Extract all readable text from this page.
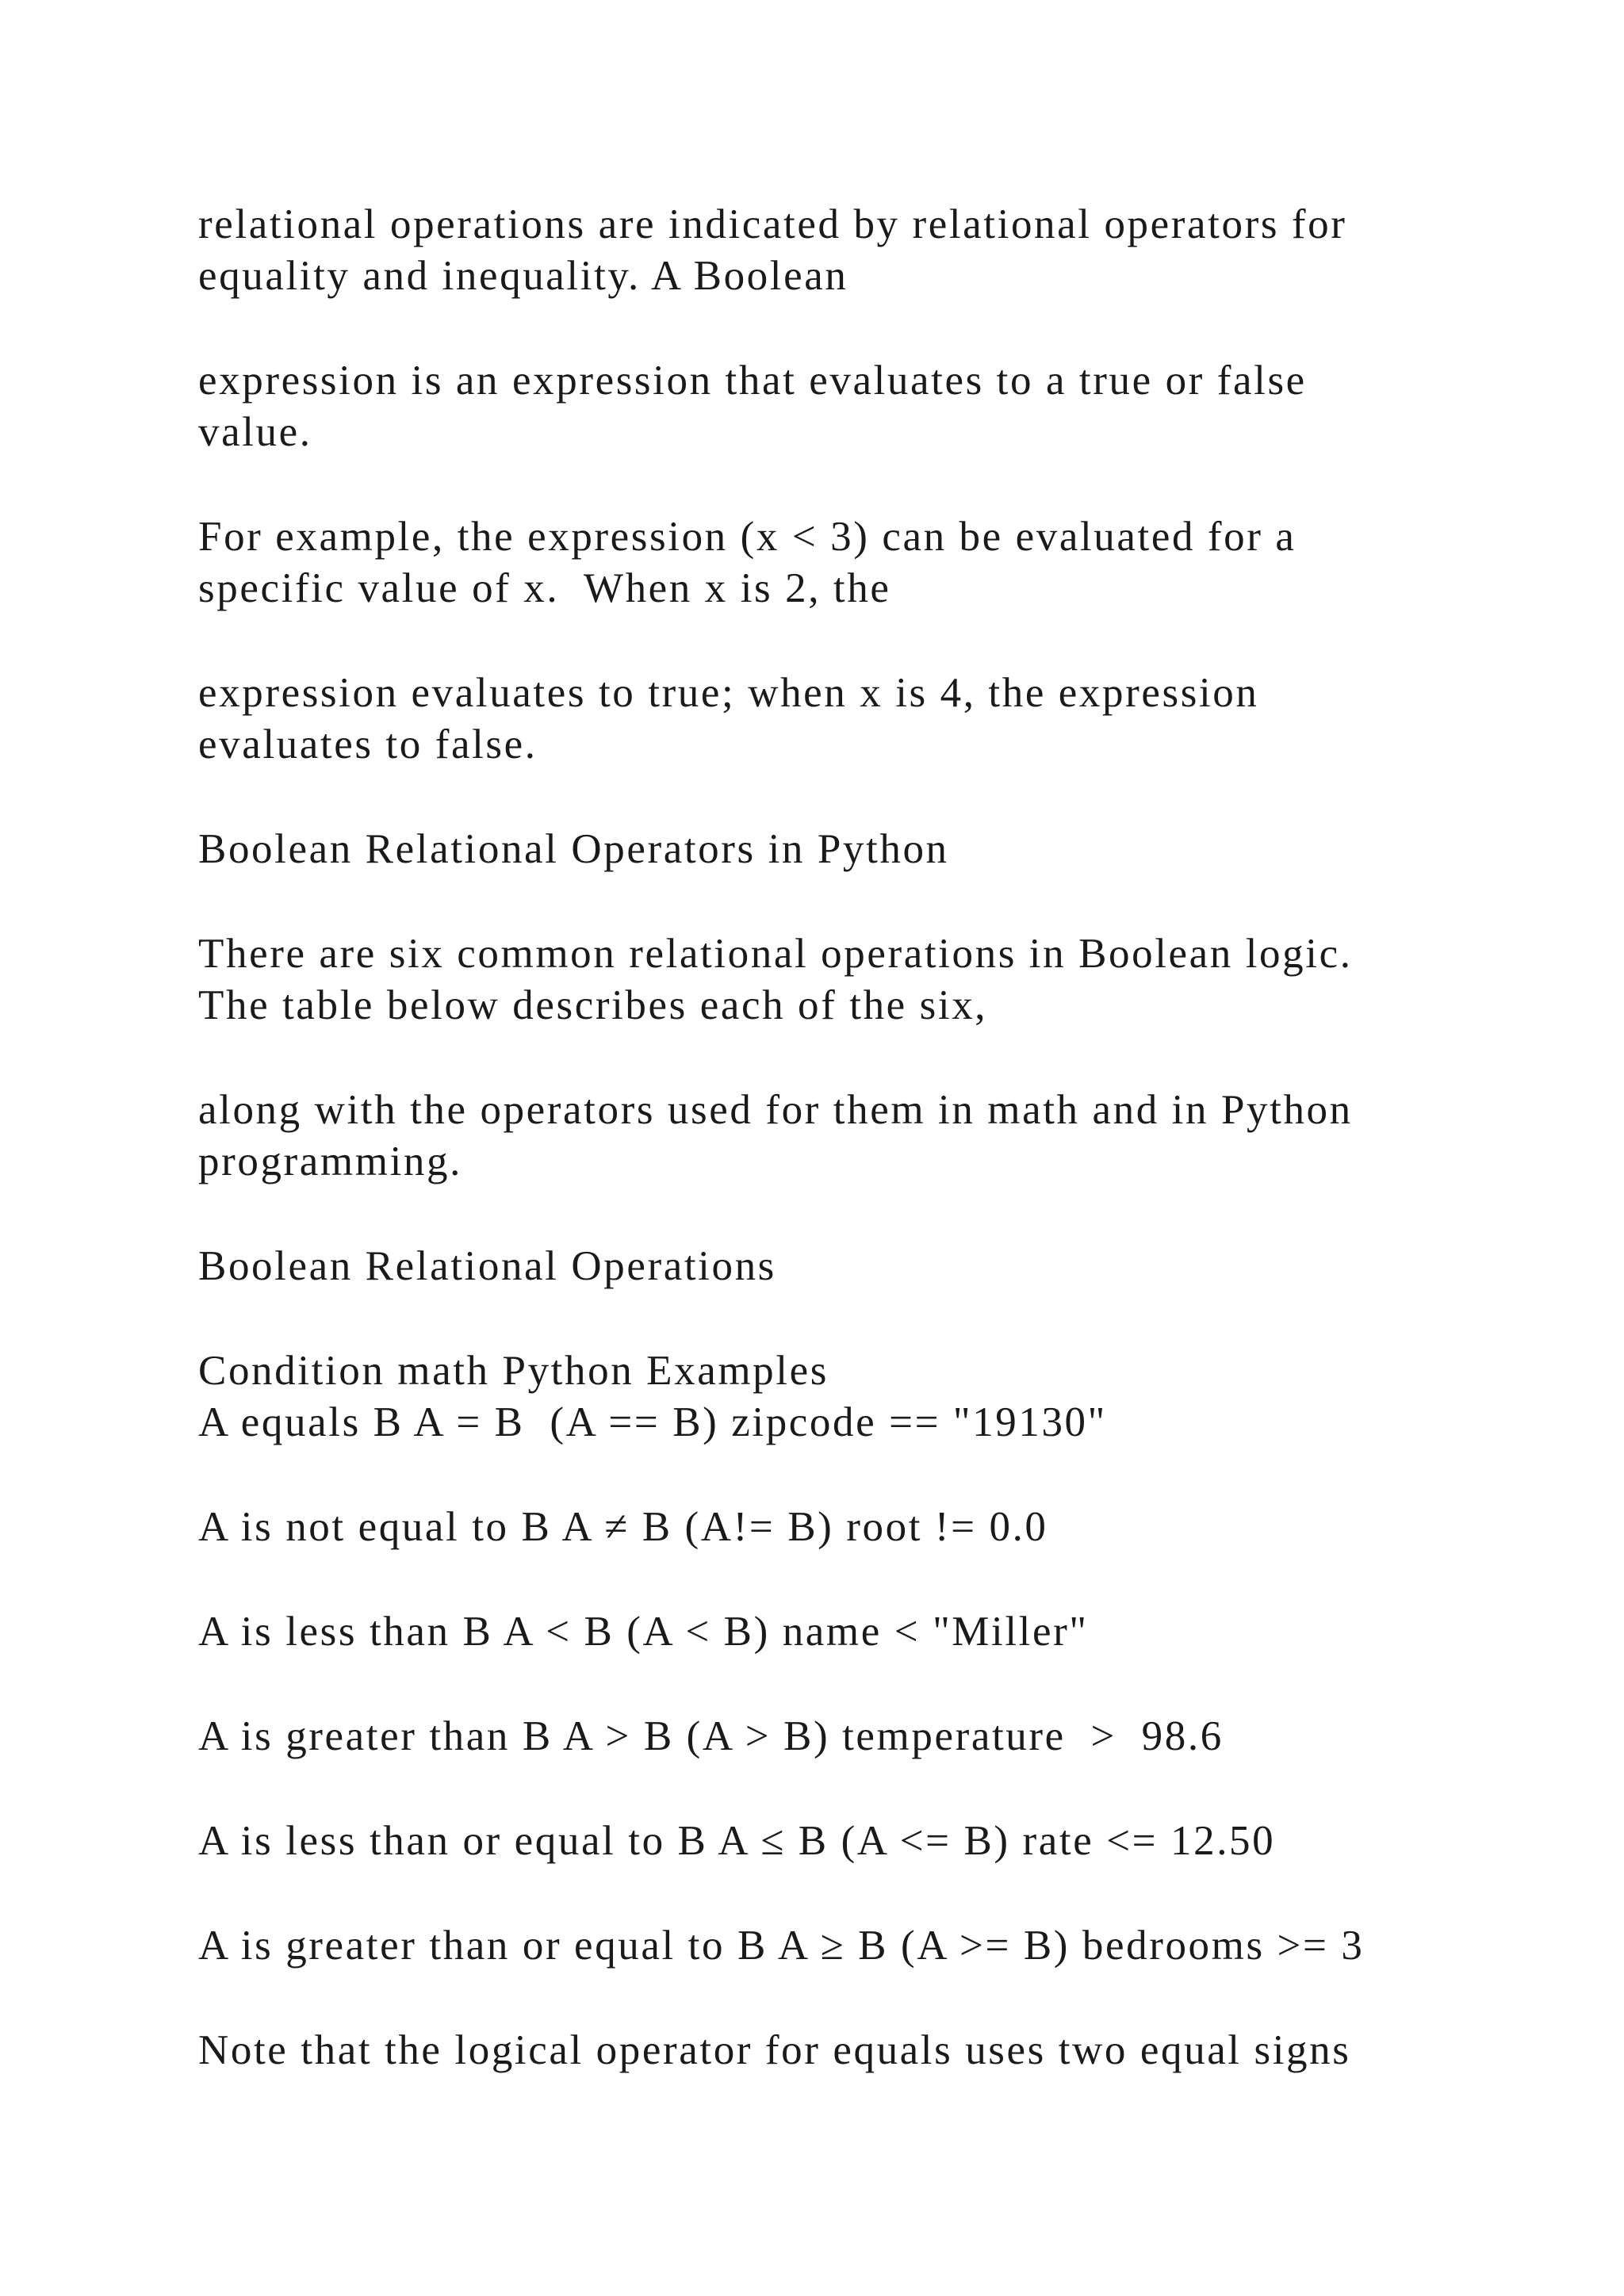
relational operations are indicated by relational operators for

equality and inequality. A Boolean

expression is an expression that evaluates to a true or false

value.

For example, the expression (x < 3) can be evaluated for a

specific value of x.  When x is 2, the

expression evaluates to true; when x is 4, the expression

evaluates to false.

Boolean Relational Operators in Python

There are six common relational operations in Boolean logic.

The table below describes each of the six,

along with the operators used for them in math and in Python

programming.

Boolean Relational Operations

Condition math Python Examples

A equals B A = B  (A == B) zipcode == "19130"

A is not equal to B A ≠ B (A!= B) root != 0.0

A is less than B A < B (A < B) name < "Miller"

A is greater than B A > B (A > B) temperature  >  98.6

A is less than or equal to B A ≤ B (A <= B) rate <= 12.50

A is greater than or equal to B A ≥ B (A >= B) bedrooms >= 3

Note that the logical operator for equals uses two equal signs
